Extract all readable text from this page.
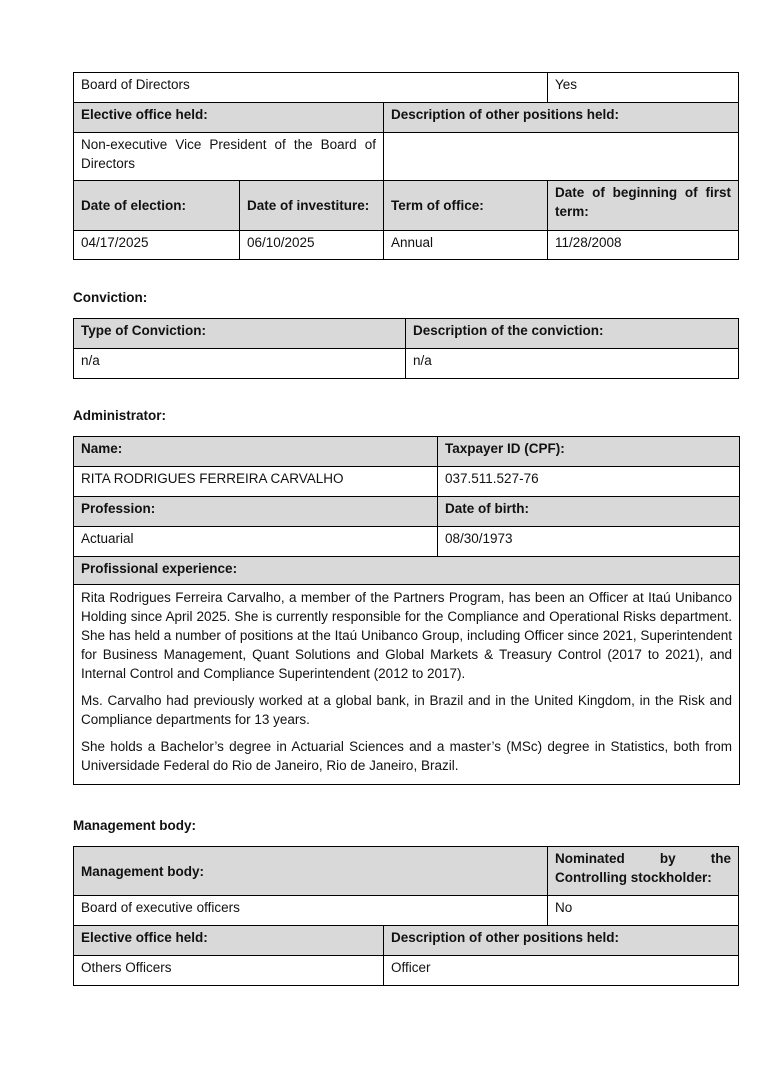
Board of Directors			Yes
Elective office held:		Description of other positions held:	
Non-executive Vice President of the Board of Directors			
Date of election:	Date of investiture:	Term of office:	Date of beginning of first term:
04/17/2025	06/10/2025	Annual	11/28/2008
Conviction:
Type of Conviction:	Description of the conviction:
n/a	n/a
Administrator:
Name:	Taxpayer ID (CPF):
RITA RODRIGUES FERREIRA CARVALHO	037.511.527-76
Profession:	Date of birth:
Actuarial	08/30/1973
Profissional experience:	

Rita Rodrigues Ferreira Carvalho, a member of the Partners Program, has been an Officer at Itaú Unibanco Holding since April 2025. She is currently responsible for the Compliance and Operational Risks department. She has held a number of positions at the Itaú Unibanco Group, including Officer since 2021, Superintendent for Business Management, Quant Solutions and Global Markets & Treasury Control (2017 to 2021), and Internal Control and Compliance Superintendent (2012 to 2017).

Ms. Carvalho had previously worked at a global bank, in Brazil and in the United Kingdom, in the Risk and Compliance departments for 13 years.

She holds a Bachelor’s degree in Actuarial Sciences and a master’s (MSc) degree in Statistics, both from Universidade Federal do Rio de Janeiro, Rio de Janeiro, Brazil.	

Management body:
Management body:		Nominated by the Controlling stockholder:
Board of executive officers		No
Elective office held:	Description of other positions held:	
Others Officers	Officer	
